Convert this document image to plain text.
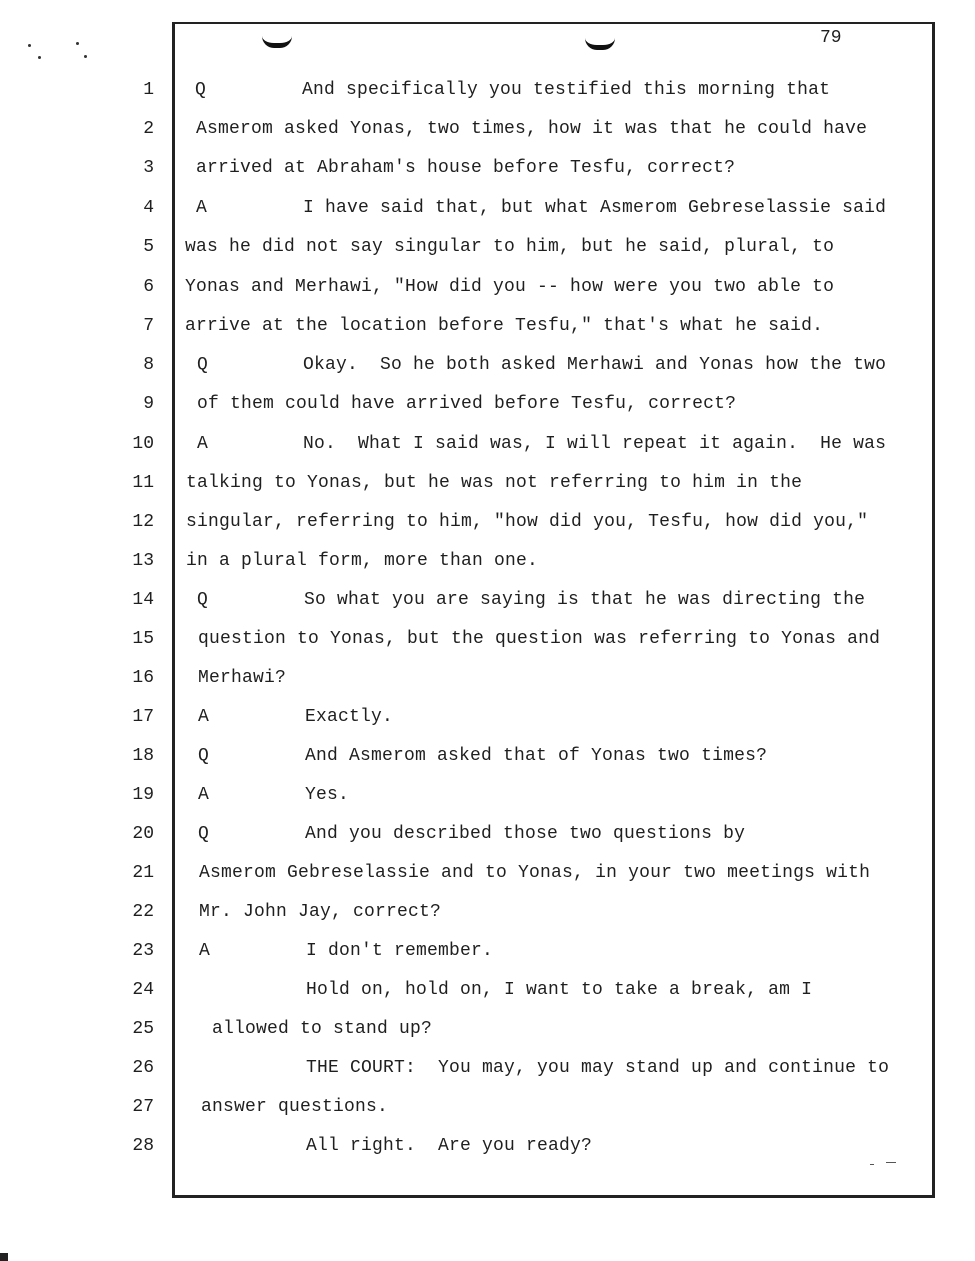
79
1 Q	And specifically you testified this morning that
2 Asmerom asked Yonas, two times, how it was that he could have
3 arrived at Abraham's house before Tesfu, correct?
4 A	I have said that, but what Asmerom Gebreselassie said
5 was he did not say singular to him, but he said, plural, to
6 Yonas and Merhawi, "How did you -- how were you two able to
7 arrive at the location before Tesfu," that's what he said.
8 Q	Okay.  So he both asked Merhawi and Yonas how the two
9 of them could have arrived before Tesfu, correct?
10 A	No.  What I said was, I will repeat it again.  He was
11 talking to Yonas, but he was not referring to him in the
12 singular, referring to him, "how did you, Tesfu, how did you,"
13 in a plural form, more than one.
14 Q	So what you are saying is that he was directing the
15 question to Yonas, but the question was referring to Yonas and
16 Merhawi?
17 A	Exactly.
18 Q	And Asmerom asked that of Yonas two times?
19 A	Yes.
20 Q	And you described those two questions by
21	Asmerom Gebreselassie and to Yonas, in your two meetings with
22	Mr. John Jay, correct?
23	A	I don't remember.
24	Hold on, hold on, I want to take a break, am I
25	allowed to stand up?
26	THE COURT:  You may, you may stand up and continue to
27	answer questions.
28	All right.  Are you ready?
